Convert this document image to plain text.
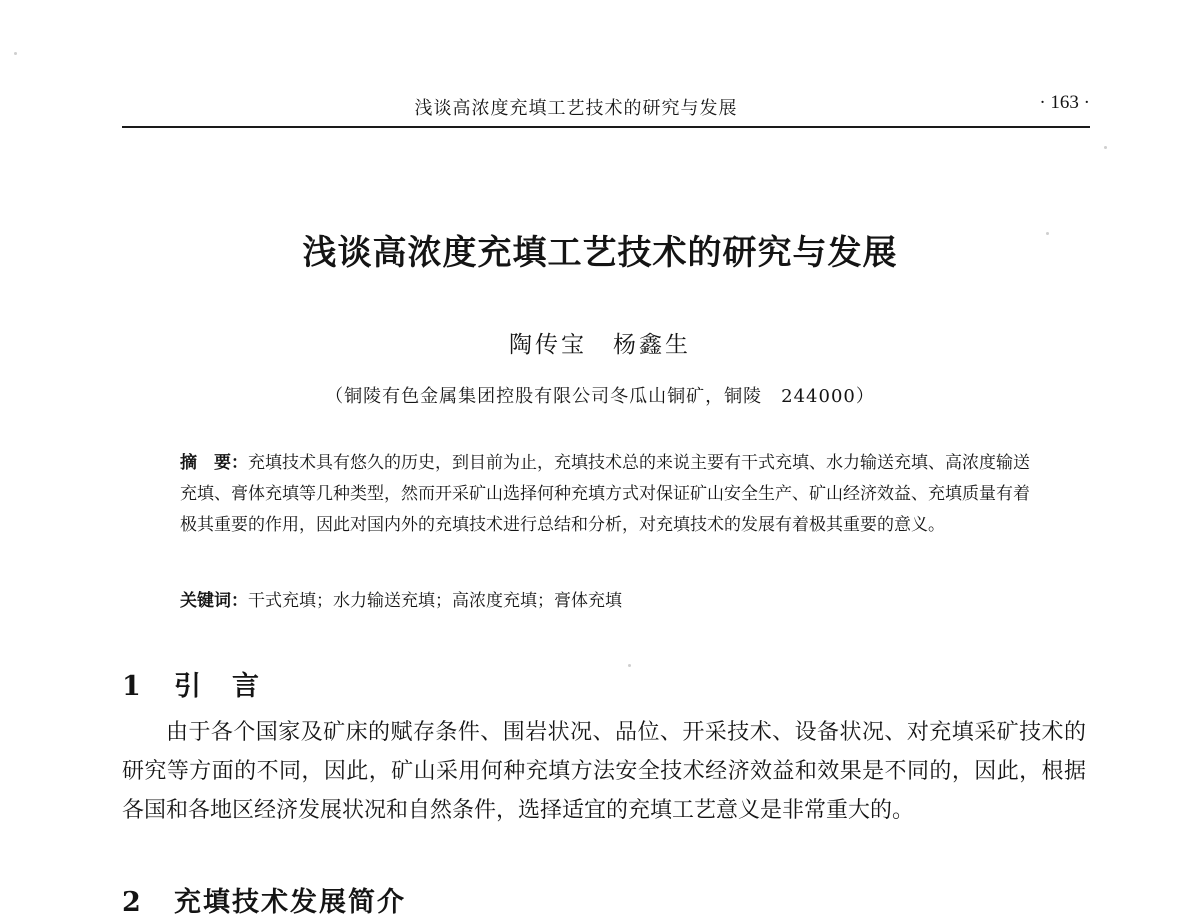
浅谈高浓度充填工艺技术的研究与发展	· 163 ·
浅谈高浓度充填工艺技术的研究与发展
陶传宝　杨鑫生
（铜陵有色金属集团控股有限公司冬瓜山铜矿，铜陵　244000）
摘　要：充填技术具有悠久的历史，到目前为止，充填技术总的来说主要有干式充填、水力输送充填、高浓度输送充填、膏体充填等几种类型，然而开采矿山选择何种充填方式对保证矿山安全生产、矿山经济效益、充填质量有着极其重要的作用，因此对国内外的充填技术进行总结和分析，对充填技术的发展有着极其重要的意义。
关键词：干式充填；水力输送充填；高浓度充填；膏体充填
1 引　言
由于各个国家及矿床的赋存条件、围岩状况、品位、开采技术、设备状况、对充填采矿技术的研究等方面的不同，因此，矿山采用何种充填方法安全技术经济效益和效果是不同的，因此，根据各国和各地区经济发展状况和自然条件，选择适宜的充填工艺意义是非常重大的。
2 充填技术发展简介
